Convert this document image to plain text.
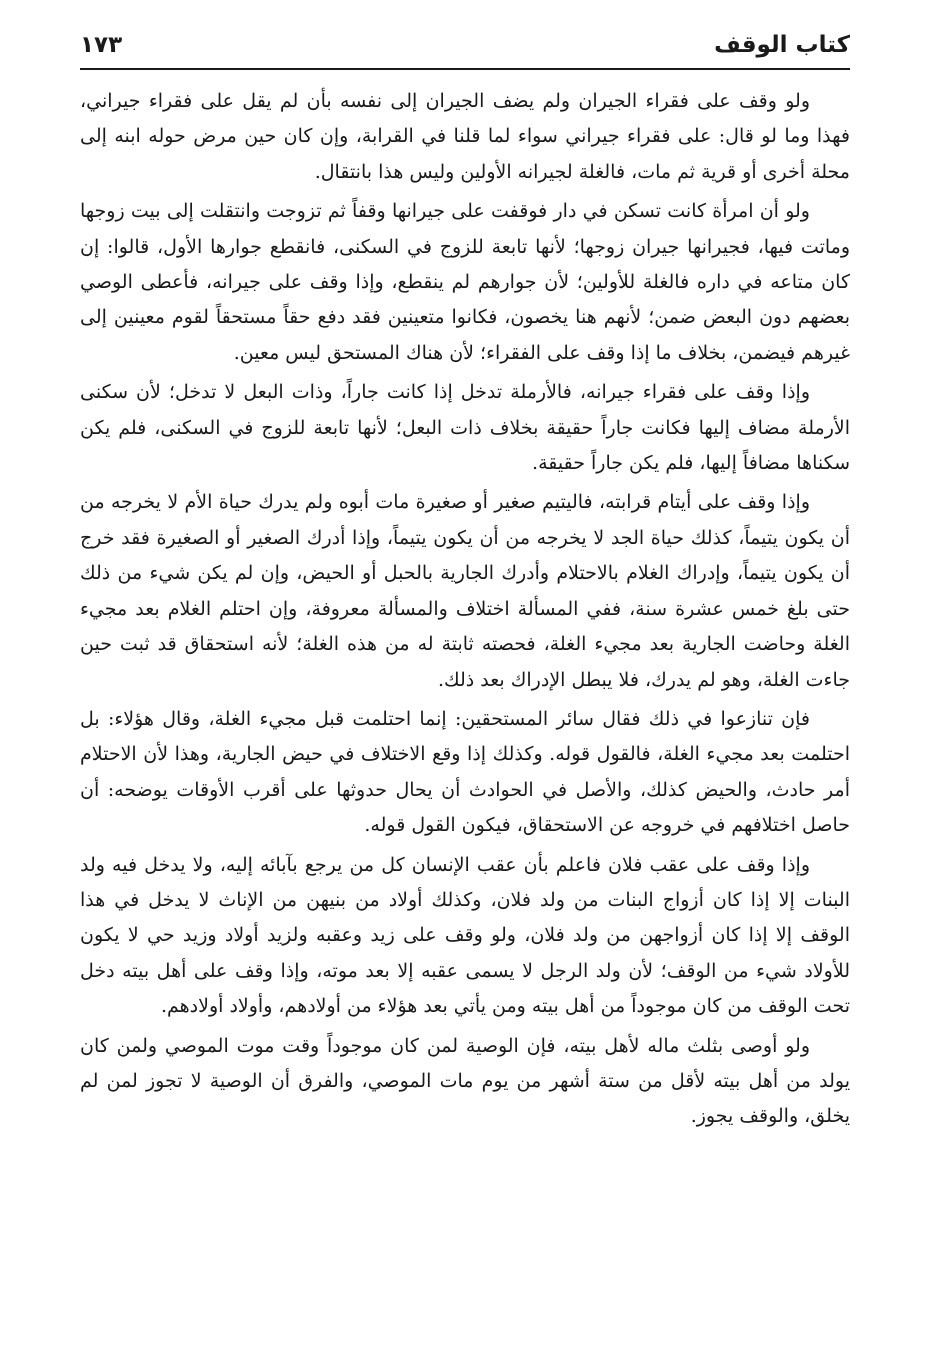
كتاب الوقف
١٧٣

ولو وقف على فقراء الجيران ولم يضف الجيران إلى نفسه بأن لم يقل على فقراء جيراني، فهذا وما لو قال: على فقراء جيراني سواء لما قلنا في القرابة، وإن كان حين مرض حوله ابنه إلى محلة أخرى أو قرية ثم مات، فالغلة لجيرانه الأولين وليس هذا بانتقال.

ولو أن امرأة كانت تسكن في دار فوقفت على جيرانها وقفاً ثم تزوجت وانتقلت إلى بيت زوجها وماتت فيها، فجيرانها جيران زوجها؛ لأنها تابعة للزوج في السكنى، فانقطع جوارها الأول، قالوا: إن كان متاعه في داره فالغلة للأولين؛ لأن جوارهم لم ينقطع، وإذا وقف على جيرانه، فأعطى الوصي بعضهم دون البعض ضمن؛ لأنهم هنا يخصون، فكانوا متعينين فقد دفع حقاً مستحقاً لقوم معينين إلى غيرهم فيضمن، بخلاف ما إذا وقف على الفقراء؛ لأن هناك المستحق ليس معين.

وإذا وقف على فقراء جيرانه، فالأرملة تدخل إذا كانت جاراً، وذات البعل لا تدخل؛ لأن سكنى الأرملة مضاف إليها فكانت جاراً حقيقة بخلاف ذات البعل؛ لأنها تابعة للزوج في السكنى، فلم يكن سكناها مضافاً إليها، فلم يكن جاراً حقيقة.

وإذا وقف على أيتام قرابته، فاليتيم صغير أو صغيرة مات أبوه ولم يدرك حياة الأم لا يخرجه من أن يكون يتيماً، كذلك حياة الجد لا يخرجه من أن يكون يتيماً، وإذا أدرك الصغير أو الصغيرة فقد خرج أن يكون يتيماً، وإدراك الغلام بالاحتلام وأدرك الجارية بالحبل أو الحيض، وإن لم يكن شيء من ذلك حتى بلغ خمس عشرة سنة، ففي المسألة اختلاف والمسألة معروفة، وإن احتلم الغلام بعد مجيء الغلة وحاضت الجارية بعد مجيء الغلة، فحصته ثابتة له من هذه الغلة؛ لأنه استحقاق قد ثبت حين جاءت الغلة، وهو لم يدرك، فلا يبطل الإدراك بعد ذلك.

فإن تنازعوا في ذلك فقال سائر المستحقين: إنما احتلمت قبل مجيء الغلة، وقال هؤلاء: بل احتلمت بعد مجيء الغلة، فالقول قوله. وكذلك إذا وقع الاختلاف في حيض الجارية، وهذا لأن الاحتلام أمر حادث، والحيض كذلك، والأصل في الحوادث أن يحال حدوثها على أقرب الأوقات يوضحه: أن حاصل اختلافهم في خروجه عن الاستحقاق، فيكون القول قوله.

وإذا وقف على عقب فلان فاعلم بأن عقب الإنسان كل من يرجع بآبائه إليه، ولا يدخل فيه ولد البنات إلا إذا كان أزواج البنات من ولد فلان، وكذلك أولاد من بنيهن من الإناث لا يدخل في هذا الوقف إلا إذا كان أزواجهن من ولد فلان، ولو وقف على زيد وعقبه ولزيد أولاد وزيد حي لا يكون للأولاد شيء من الوقف؛ لأن ولد الرجل لا يسمى عقبه إلا بعد موته، وإذا وقف على أهل بيته دخل تحت الوقف من كان موجوداً من أهل بيته ومن يأتي بعد هؤلاء من أولادهم، وأولاد أولادهم.

ولو أوصى بثلث ماله لأهل بيته، فإن الوصية لمن كان موجوداً وقت موت الموصي ولمن كان يولد من أهل بيته لأقل من ستة أشهر من يوم مات الموصي، والفرق أن الوصية لا تجوز لمن لم يخلق، والوقف يجوز.
